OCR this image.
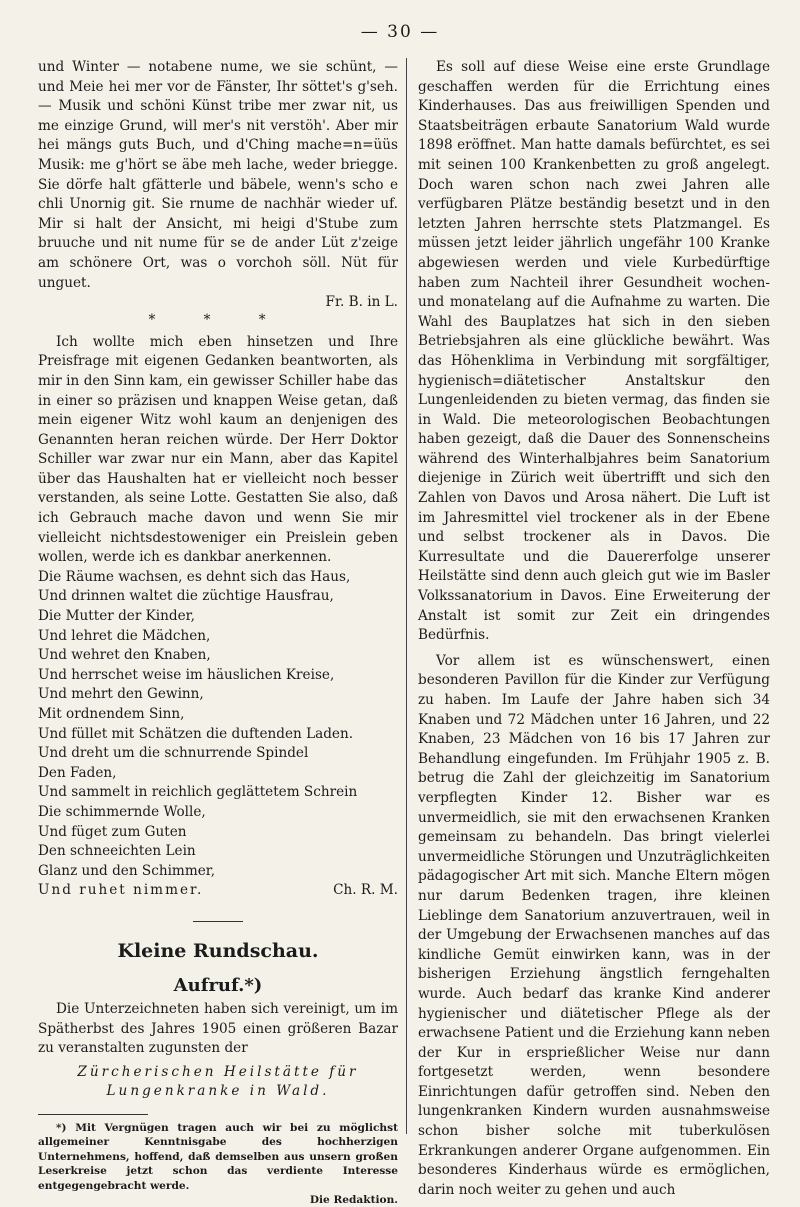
— 30 —

und Winter — notabene nume, we sie schünt, — und Meie hei mer vor de Fänster, Ihr söttet's g'seh. — Musik und schöni Künst tribe mer zwar nit, us me einzige Grund, will mer's nit verstöh'. Aber mir hei mängs guts Buch, und d'Ching mache=n=üüs Musik: me g'hört se äbe meh lache, weder briegge. Sie dörfe halt gfätterle und bäbele, wenn's scho e chli Unornig git. Sie rnume de nachhär wieder uf. Mir si halt der Ansicht, mi heigi d'Stube zum bruuche und nit nume für se de ander Lüt z'zeige am schönere Ort, was o vorchoh söll. Nüt für unguet.

Fr. B. in L.

* * *

Ich wollte mich eben hinsetzen und Ihre Preisfrage mit eigenen Gedanken beantworten, als mir in den Sinn kam, ein gewisser Schiller habe das in einer so präzisen und knappen Weise getan, daß mein eigener Witz wohl kaum an denjenigen des Genannten heran reichen würde. Der Herr Doktor Schiller war zwar nur ein Mann, aber das Kapitel über das Haushalten hat er vielleicht noch besser verstanden, als seine Lotte. Gestatten Sie also, daß ich Gebrauch mache davon und wenn Sie mir vielleicht nichtsdestoweniger ein Preislein geben wollen, werde ich es dankbar anerkennen.

Die Räume wachsen, es dehnt sich das Haus,
Und drinnen waltet die züchtige Hausfrau,
Die Mutter der Kinder,
Und lehret die Mädchen,
Und wehret den Knaben,
Und herrschet weise im häuslichen Kreise,
Und mehrt den Gewinn,
Mit ordnendem Sinn,
Und füllet mit Schätzen die duftenden Laden.
Und dreht um die schnurrende Spindel
Den Faden,
Und sammelt in reichlich geglättetem Schrein
Die schimmernde Wolle,
Und füget zum Guten
Den schneeichten Lein
Glanz und den Schimmer,
Und ruhet nimmer.	Ch. R. M.

Kleine Rundschau.

Aufruf.*)

Die Unterzeichneten haben sich vereinigt, um im Spätherbst des Jahres 1905 einen größeren Bazar zu veranstalten zugunsten der

Zürcherischen Heilstätte für

Lungenkranke in Wald.

*) Mit Vergnügen tragen auch wir bei zu möglichst allgemeiner Kenntnisgabe des hochherzigen Unternehmens, hoffend, daß demselben aus unsern großen Leserkreise jetzt schon das verdiente Interesse entgegengebracht werde.

Die Redaktion.

Es soll auf diese Weise eine erste Grundlage geschaffen werden für die Errichtung eines Kinderhauses. Das aus freiwilligen Spenden und Staatsbeiträgen erbaute Sanatorium Wald wurde 1898 eröffnet. Man hatte damals befürchtet, es sei mit seinen 100 Krankenbetten zu groß angelegt. Doch waren schon nach zwei Jahren alle verfügbaren Plätze beständig besetzt und in den letzten Jahren herrschte stets Platzmangel. Es müssen jetzt leider jährlich ungefähr 100 Kranke abgewiesen werden und viele Kurbedürftige haben zum Nachteil ihrer Gesundheit wochen- und monatelang auf die Aufnahme zu warten. Die Wahl des Bauplatzes hat sich in den sieben Betriebsjahren als eine glückliche bewährt. Was das Höhenklima in Verbindung mit sorgfältiger, hygienisch=diätetischer Anstaltskur den Lungenleidenden zu bieten vermag, das finden sie in Wald. Die meteorologischen Beobachtungen haben gezeigt, daß die Dauer des Sonnenscheins während des Winterhalbjahres beim Sanatorium diejenige in Zürich weit übertrifft und sich den Zahlen von Davos und Arosa nähert. Die Luft ist im Jahresmittel viel trockener als in der Ebene und selbst trockener als in Davos. Die Kurresultate und die Dauererfolge unserer Heilstätte sind denn auch gleich gut wie im Basler Volkssanatorium in Davos. Eine Erweiterung der Anstalt ist somit zur Zeit ein dringendes Bedürfnis.

Vor allem ist es wünschenswert, einen besonderen Pavillon für die Kinder zur Verfügung zu haben. Im Laufe der Jahre haben sich 34 Knaben und 72 Mädchen unter 16 Jahren, und 22 Knaben, 23 Mädchen von 16 bis 17 Jahren zur Behandlung eingefunden. Im Frühjahr 1905 z. B. betrug die Zahl der gleichzeitig im Sanatorium verpflegten Kinder 12. Bisher war es unvermeidlich, sie mit den erwachsenen Kranken gemeinsam zu behandeln. Das bringt vielerlei unvermeidliche Störungen und Unzuträglichkeiten pädagogischer Art mit sich. Manche Eltern mögen nur darum Bedenken tragen, ihre kleinen Lieblinge dem Sanatorium anzuvertrauen, weil in der Umgebung der Erwachsenen manches auf das kindliche Gemüt einwirken kann, was in der bisherigen Erziehung ängstlich ferngehalten wurde. Auch bedarf das kranke Kind anderer hygienischer und diätetischer Pflege als der erwachsene Patient und die Erziehung kann neben der Kur in ersprießlicher Weise nur dann fortgesetzt werden, wenn besondere Einrichtungen dafür getroffen sind. Neben den lungenkranken Kindern wurden ausnahmsweise schon bisher solche mit tuberkulösen Erkrankungen anderer Organe aufgenommen. Ein besonderes Kinderhaus würde es ermöglichen, darin noch weiter zu gehen und auch
